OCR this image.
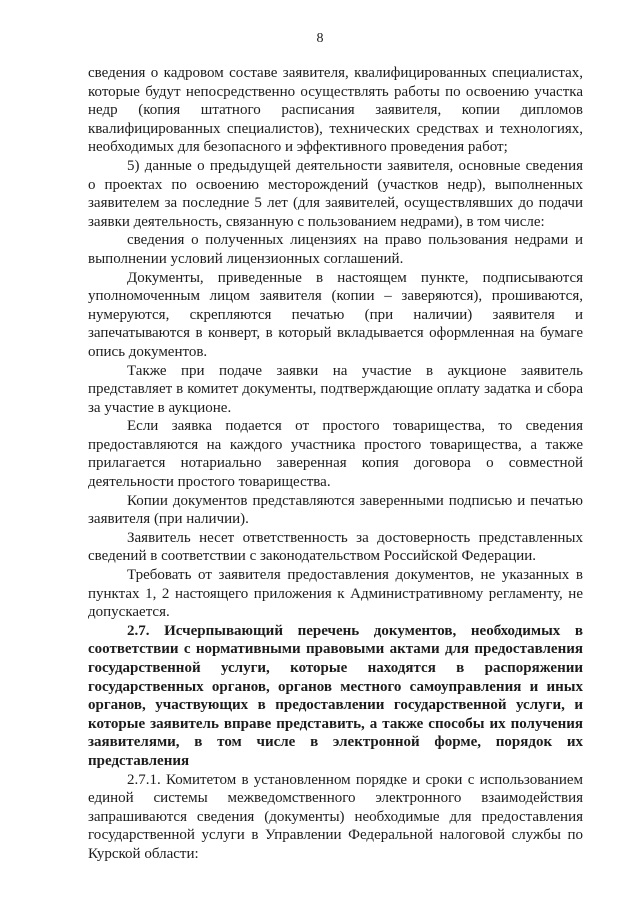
8

сведения о кадровом составе заявителя, квалифицированных специалистах, которые будут непосредственно осуществлять работы по освоению участка недр (копия штатного расписания заявителя, копии дипломов квалифицированных специалистов), технических средствах и технологиях, необходимых для безопасного и эффективного проведения работ;

5) данные о предыдущей деятельности заявителя, основные сведения о проектах по освоению месторождений (участков недр), выполненных заявителем за последние 5 лет (для заявителей, осуществлявших до подачи заявки деятельность, связанную с пользованием недрами), в том числе:

сведения о полученных лицензиях на право пользования недрами и выполнении условий лицензионных соглашений.

Документы, приведенные в настоящем пункте, подписываются уполномоченным лицом заявителя (копии – заверяются), прошиваются, нумеруются, скрепляются печатью (при наличии) заявителя и запечатываются в конверт, в который вкладывается оформленная на бумаге опись документов.

Также при подаче заявки на участие в аукционе заявитель представляет в комитет документы, подтверждающие оплату задатка и сбора за участие в аукционе.

Если заявка подается от простого товарищества, то сведения предоставляются на каждого участника простого товарищества, а также прилагается нотариально заверенная копия договора о совместной деятельности простого товарищества.

Копии документов представляются заверенными подписью и печатью заявителя (при наличии).

Заявитель несет ответственность за достоверность представленных сведений в соответствии с законодательством Российской Федерации.

Требовать от заявителя предоставления документов, не указанных в пунктах 1, 2 настоящего приложения к Административному регламенту, не допускается.

2.7. Исчерпывающий перечень документов, необходимых в соответствии с нормативными правовыми актами для предоставления государственной услуги, которые находятся в распоряжении государственных органов, органов местного самоуправления и иных органов, участвующих в предоставлении государственной услуги, и которые заявитель вправе представить, а также способы их получения заявителями, в том числе в электронной форме, порядок их представления

2.7.1. Комитетом в установленном порядке и сроки с использованием единой системы межведомственного электронного взаимодействия запрашиваются сведения (документы) необходимые для предоставления государственной услуги в Управлении Федеральной налоговой службы по Курской области:
